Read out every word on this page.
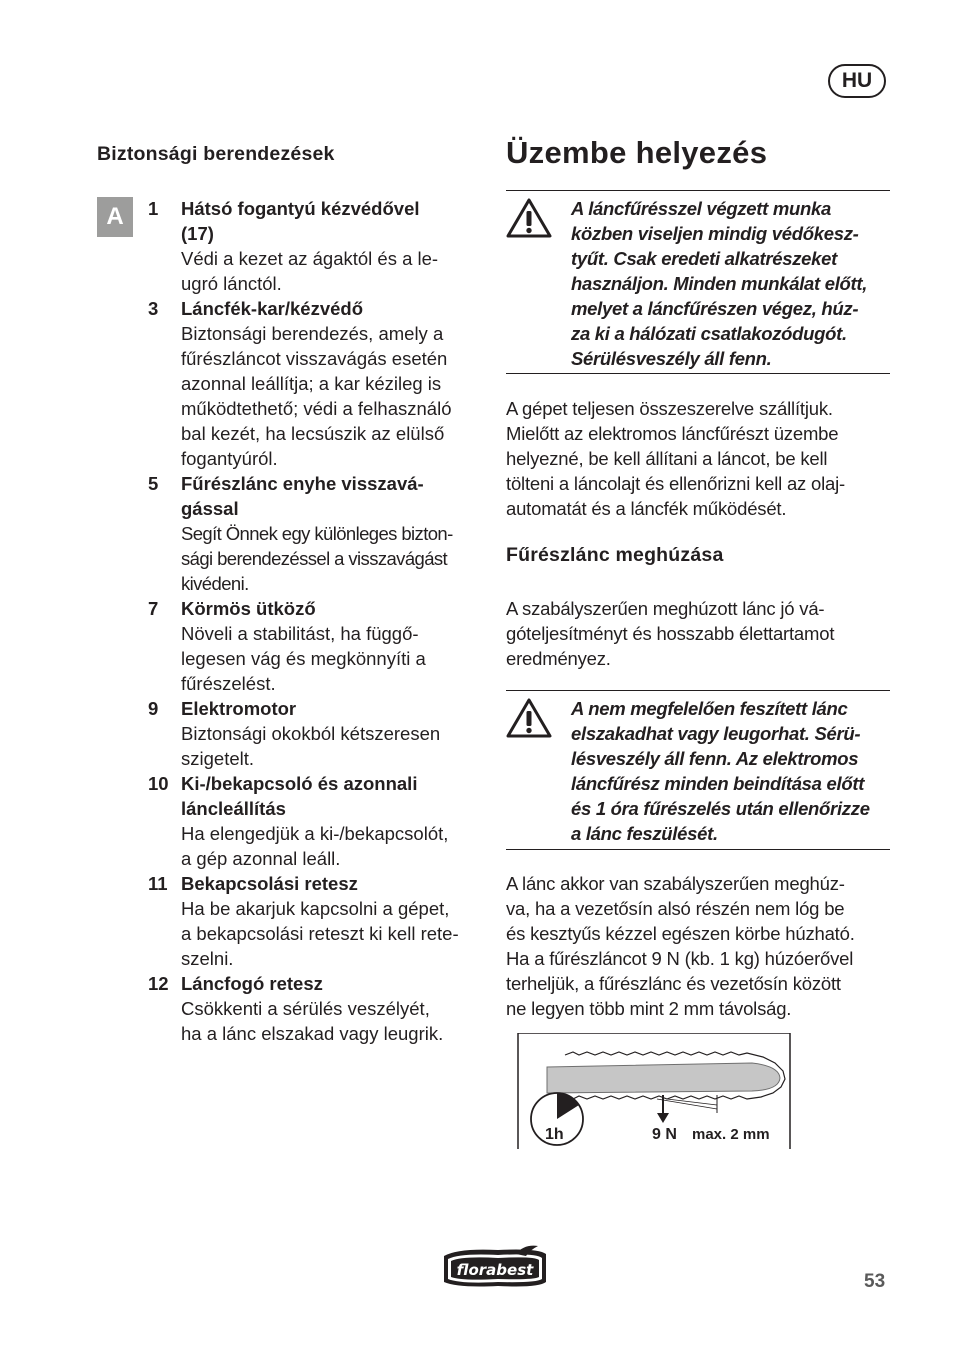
HU
Biztonsági berendezések
A	1 Hátsó fogantyú kézvédővel
(17)
Védi a kezet az ágaktól és a le-
ugró lánctól.
3 Láncfék-kar/kézvédő
Biztonsági berendezés, amely a
fűrészláncot visszavágás esetén
azonnal leállítja; a kar kézileg is
működtethető; védi a felhasználó
bal kezét, ha lecsúszik az elülső
fogantyúról.
5 Fűrészlánc enyhe visszavá-
gással
Segít Önnek egy különleges bizton-
sági berendezéssel a visszavágást
kivédeni.
7 Körmös ütköző
Növeli a stabilitást, ha függő-
legesen vág és megkönnyíti a
fűrészelést.
9 Elektromotor
Biztonsági okokból kétszeresen
szigetelt.
10 Ki-/bekapcsoló és azonnali
láncleállítás
Ha elengedjük a ki-/bekapcsolót,
a gép azonnal leáll.
11 Bekapcsolási retesz
Ha be akarjuk kapcsolni a gépet,
a bekapcsolási reteszt ki kell rete-
szelni.
12 Láncfogó retesz
Csökkenti a sérülés veszélyét,
ha a lánc elszakad vagy leugrik.
Üzembe helyezés
A láncfűrésszel végzett munka
közben viseljen mindig védőkesz-
tyűt. Csak eredeti alkatrészeket
használjon. Minden munkálat előtt,
melyet a láncfűrészen végez, húz-
za ki a hálózati csatlakozódugót.
Sérülésveszély áll fenn.
A gépet teljesen összeszerelve szállítjuk.
Mielőtt az elektromos láncfűrészt üzembe
helyezné, be kell állítani a láncot, be kell
tölteni a láncolajt és ellenőrizni kell az olaj-
automatát és a láncfék működését.
Fűrészlánc meghúzása
A szabályszerűen meghúzott lánc jó vá-
góteljesítményt és hosszabb élettartamot
eredményez.
A nem megfelelően feszített lánc
elszakadhat vagy leugorhat. Sérü-
lésveszély áll fenn. Az elektromos
láncfűrész minden beindítása előtt
és 1 óra fűrészelés után ellenőrizze
a lánc feszülését.
A lánc akkor van szabályszerűen meghúz-
va, ha a vezetősín alsó részén nem lóg be
és kesztyűs kézzel egészen körbe húzható.
Ha a fűrészláncot 9 N (kb. 1 kg) húzóerővel
terheljük, a fűrészlánc és vezetősín között
ne legyen több mint 2 mm távolság.
1h	9 N max. 2 mm
florabest
53
